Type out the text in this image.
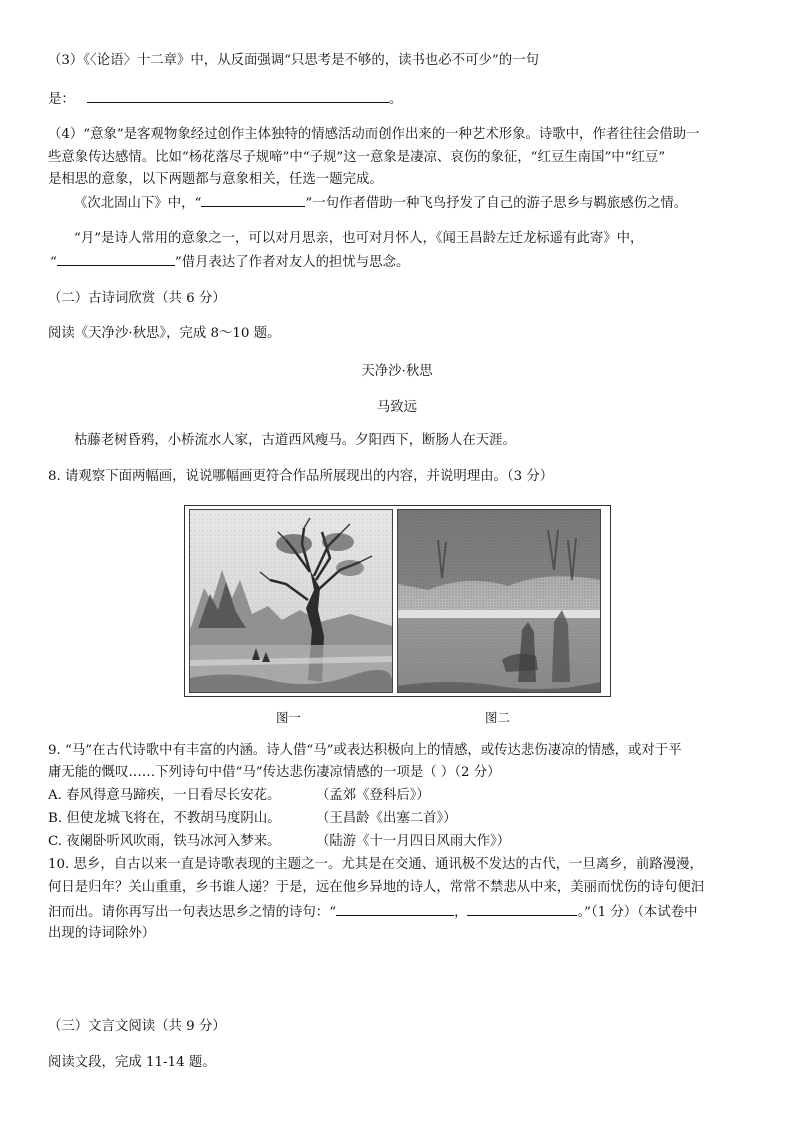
（3）《〈论语〉十二章》中，从反面强调“只思考是不够的，读书也必不可少”的一句
是：	。
（4）“意象”是客观物象经过创作主体独特的情感活动而创作出来的一种艺术形象。诗歌中，作者往往会借助一
些意象传达感情。比如“杨花落尽子规啼”中“子规”这一意象是凄凉、哀伤的象征，“红豆生南国”中“红豆”
是相思的意象，以下两题都与意象相关，任选一题完成。
《次北固山下》中，“	”一句作者借助一种飞鸟抒发了自己的游子思乡与羁旅感伤之情。
“月”是诗人常用的意象之一，可以对月思亲，也可对月怀人，《闻王昌龄左迁龙标遥有此寄》中，
“	”借月表达了作者对友人的担忧与思念。
（二）古诗词欣赏（共 6 分）
阅读《天净沙·秋思》，完成 8～10 题。
天净沙·秋思
马致远
枯藤老树昏鸦，小桥流水人家，古道西风瘦马。夕阳西下，断肠人在天涯。
8. 请观察下面两幅画，说说哪幅画更符合作品所展现出的内容，并说明理由。（3 分）
图一	图二
9. “马”在古代诗歌中有丰富的内涵。诗人借“马”或表达积极向上的情感，或传达悲伤凄凉的情感，或对于平
庸无能的慨叹……下列诗句中借“马”传达悲伤凄凉情感的一项是（ ）（2 分）
A. 春风得意马蹄疾，一日看尽长安花。	（孟郊《登科后》）
B. 但使龙城飞将在，不教胡马度阴山。	（王昌龄《出塞二首》）
C. 夜阑卧听风吹雨，铁马冰河入梦来。	（陆游《十一月四日风雨大作》）
10. 思乡，自古以来一直是诗歌表现的主题之一。尤其是在交通、通讯极不发达的古代，一旦离乡，前路漫漫，
何日是归年？关山重重，乡书谁人递？于是，远在他乡异地的诗人，常常不禁悲从中来，美丽而忧伤的诗句便汩
汩而出。请你再写出一句表达思乡之情的诗句：“	，	。”（1 分）（本试卷中
出现的诗词除外）
（三）文言文阅读（共 9 分）
阅读文段，完成 11-14 题。
